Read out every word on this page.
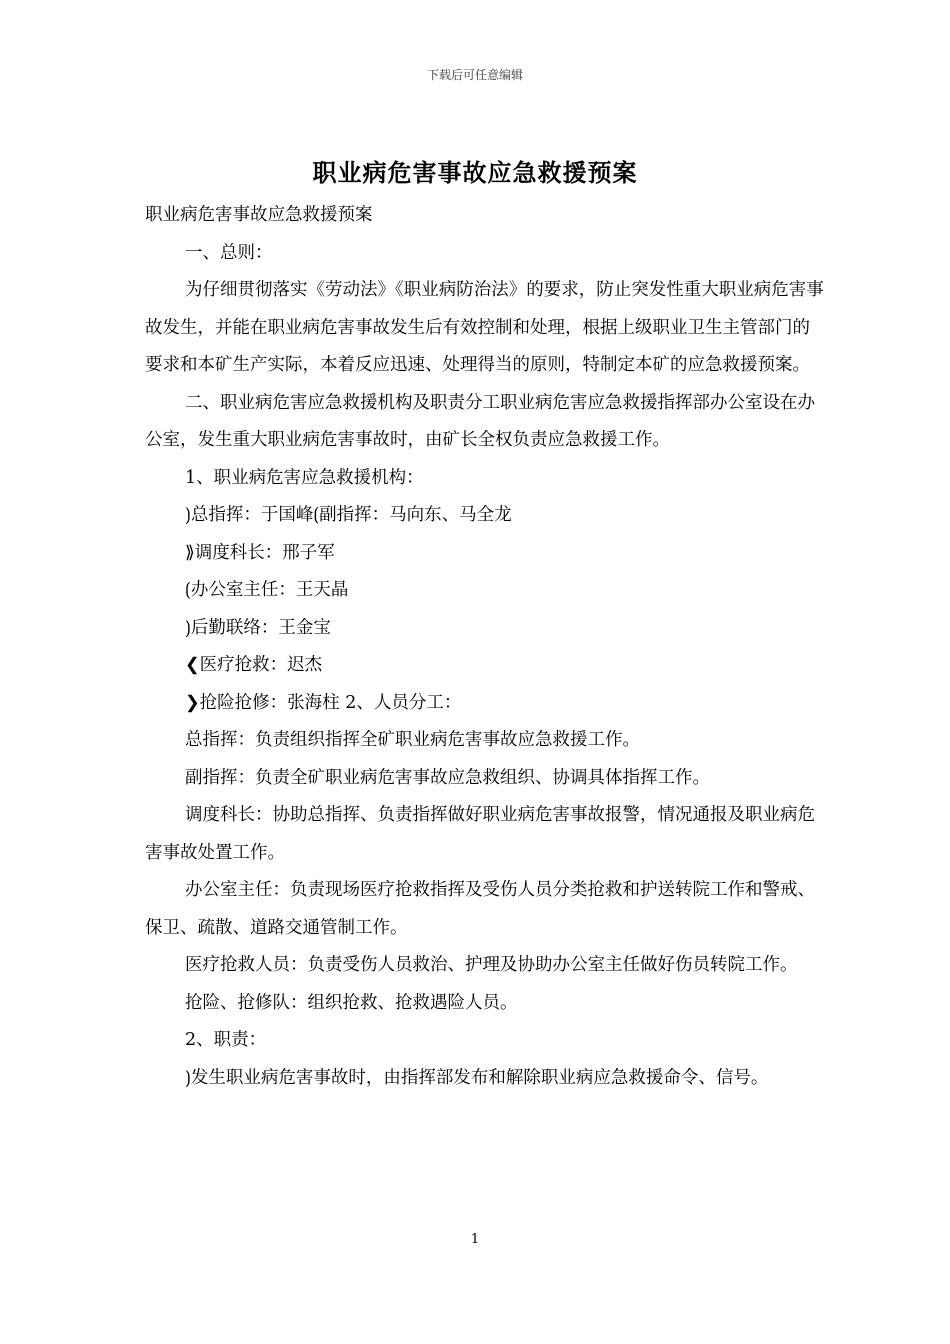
下载后可任意编辑
职业病危害事故应急救援预案

职业病危害事故应急救援预案

一、总则：

为仔细贯彻落实《劳动法》《职业病防治法》的要求，防止突发性重大职业病危害事故发生，并能在职业病危害事故发生后有效控制和处理，根据上级职业卫生主管部门的要求和本矿生产实际，本着反应迅速、处理得当的原则，特制定本矿的应急救援预案。

二、职业病危害应急救援机构及职责分工职业病危害应急救援指挥部办公室设在办公室，发生重大职业病危害事故时，由矿长全权负责应急救援工作。

1、职业病危害应急救援机构：

⟯总指挥：于国峰⟮副指挥：马向东、马全龙

⟫调度科长：邢子军

⟮办公室主任：王天晶

⟯后勤联络：王金宝

❮医疗抢救：迟杰

❯抢险抢修：张海柱 2、人员分工：

总指挥：负责组织指挥全矿职业病危害事故应急救援工作。

副指挥：负责全矿职业病危害事故应急救组织、协调具体指挥工作。

调度科长：协助总指挥、负责指挥做好职业病危害事故报警，情况通报及职业病危害事故处置工作。

办公室主任：负责现场医疗抢救指挥及受伤人员分类抢救和护送转院工作和警戒、保卫、疏散、道路交通管制工作。

医疗抢救人员：负责受伤人员救治、护理及协助办公室主任做好伤员转院工作。

抢险、抢修队：组织抢救、抢救遇险人员。

2、职责：

⟯发生职业病危害事故时，由指挥部发布和解除职业病应急救援命令、信号。

1
